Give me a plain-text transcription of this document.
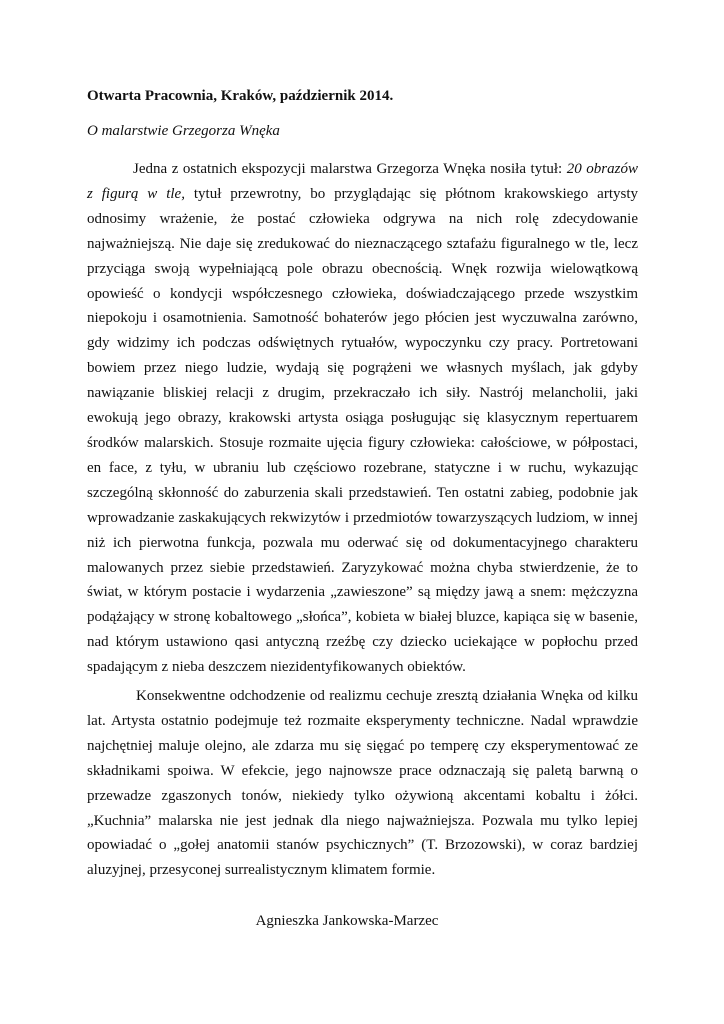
Otwarta Pracownia, Kraków, październik 2014.

O malarstwie Grzegorza Wnęka

Jedna z ostatnich ekspozycji malarstwa Grzegorza Wnęka nosiła tytuł: 20 obrazów z figurą w tle, tytuł przewrotny, bo przyglądając się płótnom krakowskiego artysty odnosimy wrażenie, że postać człowieka odgrywa na nich rolę zdecydowanie najważniejszą. Nie daje się zredukować do nieznaczącego sztafażu figuralnego w tle, lecz przyciąga swoją wypełniającą pole obrazu obecnością. Wnęk rozwija wielowątkową opowieść o kondycji współczesnego człowieka, doświadczającego przede wszystkim niepokoju i osamotnienia. Samotność bohaterów jego płócien jest wyczuwalna zarówno, gdy widzimy ich podczas odświętnych rytuałów, wypoczynku czy pracy. Portretowani bowiem przez niego ludzie, wydają się pogrążeni we własnych myślach, jak gdyby nawiązanie bliskiej relacji z drugim, przekraczało ich siły. Nastrój melancholii, jaki ewokują jego obrazy, krakowski artysta osiąga posługując się klasycznym repertuarem środków malarskich. Stosuje rozmaite ujęcia figury człowieka: całościowe, w półpostaci, en face, z tyłu, w ubraniu lub częściowo rozebrane, statyczne i w ruchu, wykazując szczególną skłonność do zaburzenia skali przedstawień. Ten ostatni zabieg, podobnie jak wprowadzanie zaskakujących rekwizytów i przedmiotów towarzyszących ludziom, w innej niż ich pierwotna funkcja, pozwala mu oderwać się od dokumentacyjnego charakteru malowanych przez siebie przedstawień. Zaryzykować można chyba stwierdzenie, że to świat, w którym postacie i wydarzenia „zawieszone” są między jawą a snem: mężczyzna podążający w stronę kobaltowego „słońca”, kobieta w białej bluzce, kapiąca się w basenie, nad którym ustawiono qasi antyczną rzeźbę czy dziecko uciekające w popłochu przed spadającym z nieba deszczem niezidentyfikowanych obiektów.

Konsekwentne odchodzenie od realizmu cechuje zresztą działania Wnęka od kilku lat. Artysta ostatnio podejmuje też rozmaite eksperymenty techniczne. Nadal wprawdzie najchętniej maluje olejno, ale zdarza mu się sięgać po temperę czy eksperymentować ze składnikami spoiwa. W efekcie, jego najnowsze prace odznaczają się paletą barwną o przewadze zgaszonych tonów, niekiedy tylko ożywioną akcentami kobaltu i żółci. „Kuchnia” malarska nie jest jednak dla niego najważniejsza. Pozwala mu tylko lepiej opowiadać o „gołej anatomii stanów psychicznych” (T. Brzozowski), w coraz bardziej aluzyjnej, przesyconej surrealistycznym klimatem formie.

Agnieszka Jankowska-Marzec
